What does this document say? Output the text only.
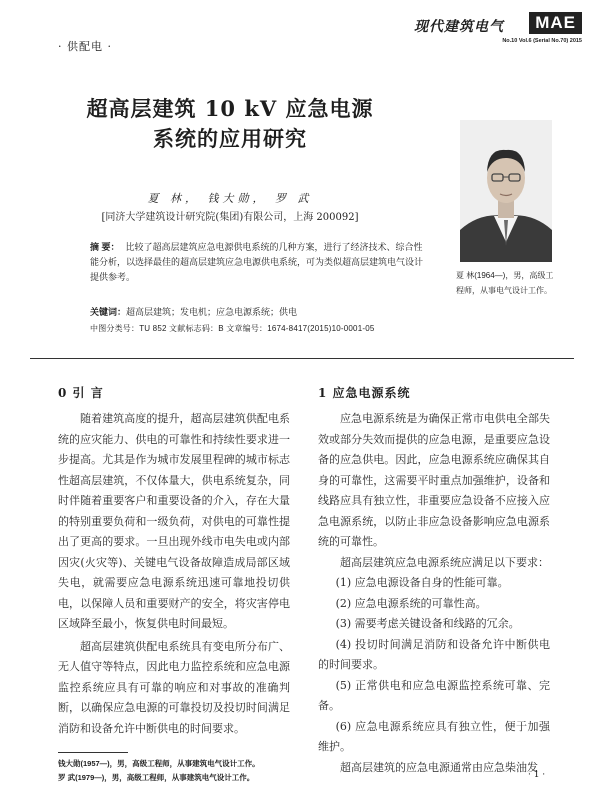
· 供配电 ·
现代建筑电气	MAE
No.10 Vol.6 (Serial No.70) 2015
超高层建筑 10 kV 应急电源
系统的应用研究
夏 林， 钱大勋， 罗 武
[同济大学建筑设计研究院(集团)有限公司，上海 200092]
夏 林(1964—)，男，高级工程师，从事电气设计工作。
摘 要： 比较了超高层建筑应急电源供电系统的几种方案，进行了经济技术、综合性能分析，以选择最佳的超高层建筑应急电源供电系统，可为类似超高层建筑电气设计提供参考。
关键词：超高层建筑；发电机；应急电源系统；供电
中图分类号：TU 852 文献标志码：B 文章编号：1674-8417(2015)10-0001-05
0 引 言

随着建筑高度的提升，超高层建筑供配电系统的应灾能力、供电的可靠性和持续性要求进一步提高。尤其是作为城市发展里程碑的城市标志性超高层建筑，不仅体量大，供电系统复杂，同时伴随着重要客户和重要设备的介入，存在大量的特别重要负荷和一级负荷，对供电的可靠性提出了更高的要求。一旦出现外线市电失电或内部因灾(火灾等)、关键电气设备故障造成局部区域失电，就需要应急电源系统迅速可靠地投切供电，以保障人员和重要财产的安全，将灾害停电区域降至最小，恢复供电时间最短。

超高层建筑供配电系统具有变电所分布广、无人值守等特点，因此电力监控系统和应急电源监控系统应具有可靠的响应和对事故的准确判断，以确保应急电源的可靠投切及投切时间满足消防和设备允许中断供电的时间要求。

1 应急电源系统

应急电源系统是为确保正常市电供电全部失效或部分失效而提供的应急电源，是重要应急设备的应急供电。因此，应急电源系统应确保其自身的可靠性，这需要平时重点加强维护，设备和线路应具有独立性，非重要应急设备不应接入应急电源系统，以防止非应急设备影响应急电源系统的可靠性。

超高层建筑应急电源系统应满足以下要求：

(1) 应急电源设备自身的性能可靠。

(2) 应急电源系统的可靠性高。

(3) 需要考虑关键设备和线路的冗余。

(4) 投切时间满足消防和设备允许中断供电的时间要求。

(5) 正常供电和应急电源监控系统可靠、完备。

(6) 应急电源系统应具有独立性，便于加强维护。

超高层建筑的应急电源通常由应急柴油发

钱大勋(1957—)，男，高级工程师，从事建筑电气设计工作。
罗 武(1979—)，男，高级工程师，从事建筑电气设计工作。	· 1 ·
